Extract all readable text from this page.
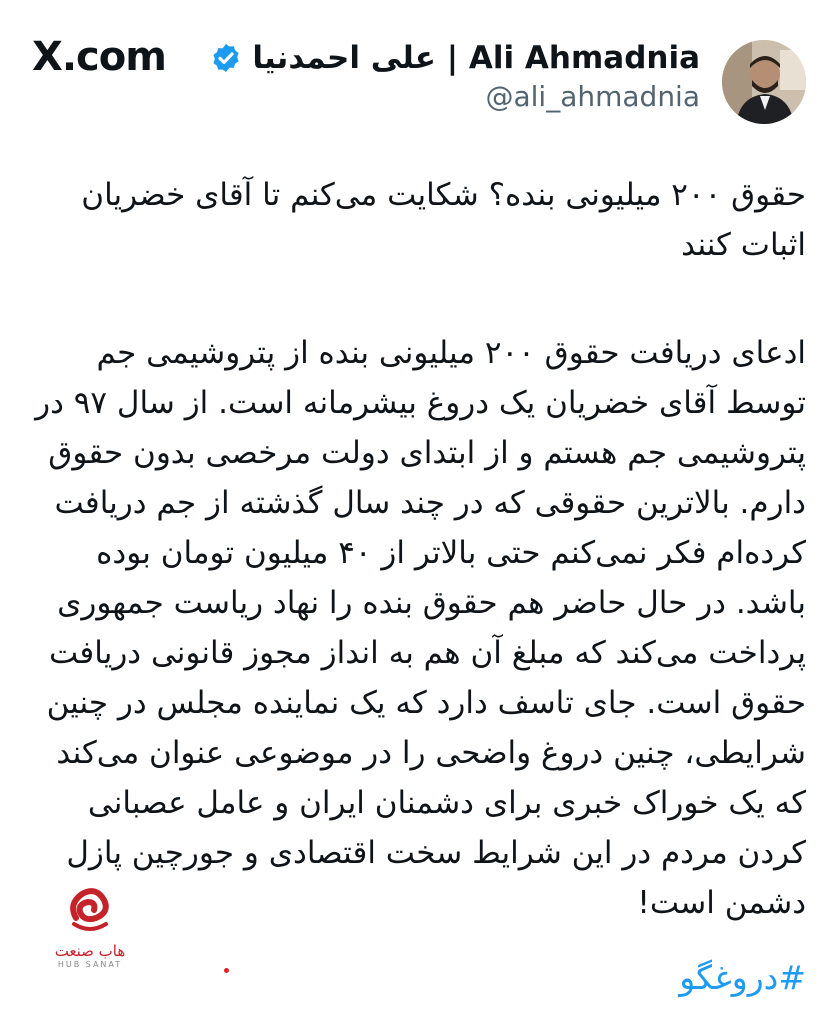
X.com	علی احمدنیا | Ali Ahmadnia
@ali_ahmadnia

حقوق ۲۰۰ میلیونی بنده؟ شکایت می‌کنم تا آقای خضریان اثبات کنند

ادعای دریافت حقوق ۲۰۰ میلیونی بنده از پتروشیمی جم توسط آقای خضریان یک دروغ بیشرمانه است. از سال ۹۷ در پتروشیمی جم هستم و از ابتدای دولت مرخصی بدون حقوق دارم. بالاترین حقوقی که در چند سال گذشته از جم دریافت کرده‌ام فکر نمی‌کنم حتی بالاتر از ۴۰ میلیون تومان بوده باشد. در حال حاضر هم حقوق بنده را نهاد ریاست جمهوری پرداخت می‌کند که مبلغ آن هم به انداز مجوز قانونی دریافت حقوق است. جای تاسف دارد که یک نماینده مجلس در چنین شرایطی، چنین دروغ واضحی را در موضوعی عنوان می‌کند که یک خوراک خبری برای دشمنان ایران و عامل عصبانی کردن مردم در این شرایط سخت اقتصادی و جورچین پازل دشمن است!

هاب صنعت
HUB SANAT	#دروغگو
